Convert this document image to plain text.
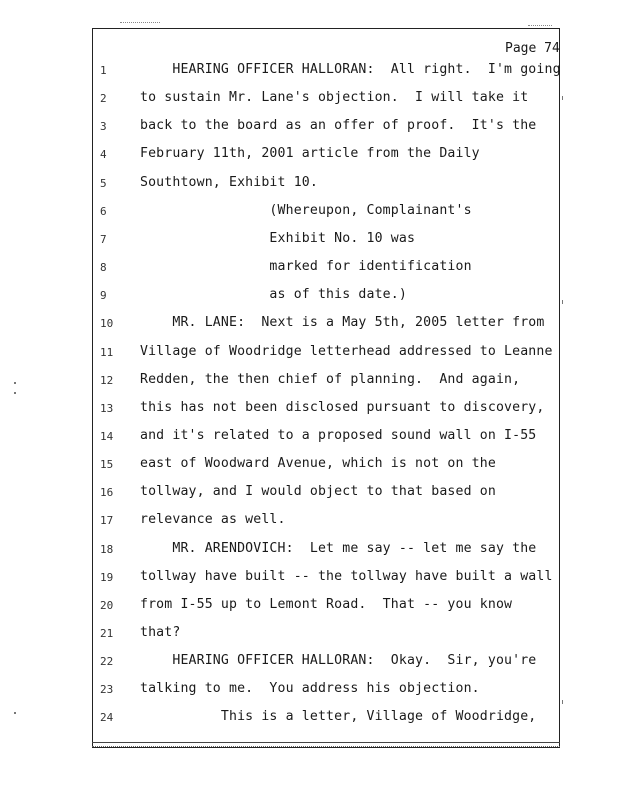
Page 74
1	HEARING OFFICER HALLORAN:  All right.  I'm going
2	to sustain Mr. Lane's objection.  I will take it
3	back to the board as an offer of proof.  It's the
4	February 11th, 2001 article from the Daily
5	Southtown, Exhibit 10.
6	(Whereupon, Complainant's
7	Exhibit No. 10 was
8	marked for identification
9	as of this date.)
10	MR. LANE:  Next is a May 5th, 2005 letter from
11	Village of Woodridge letterhead addressed to Leanne
12	Redden, the then chief of planning.  And again,
13	this has not been disclosed pursuant to discovery,
14	and it's related to a proposed sound wall on I-55
15	east of Woodward Avenue, which is not on the
16	tollway, and I would object to that based on
17	relevance as well.
18	MR. ARENDOVICH:  Let me say -- let me say the
19	tollway have built -- the tollway have built a wall
20	from I-55 up to Lemont Road.  That -- you know
21	that?
22	HEARING OFFICER HALLORAN:  Okay.  Sir, you're
23	talking to me.  You address his objection.
24	This is a letter, Village of Woodridge,
